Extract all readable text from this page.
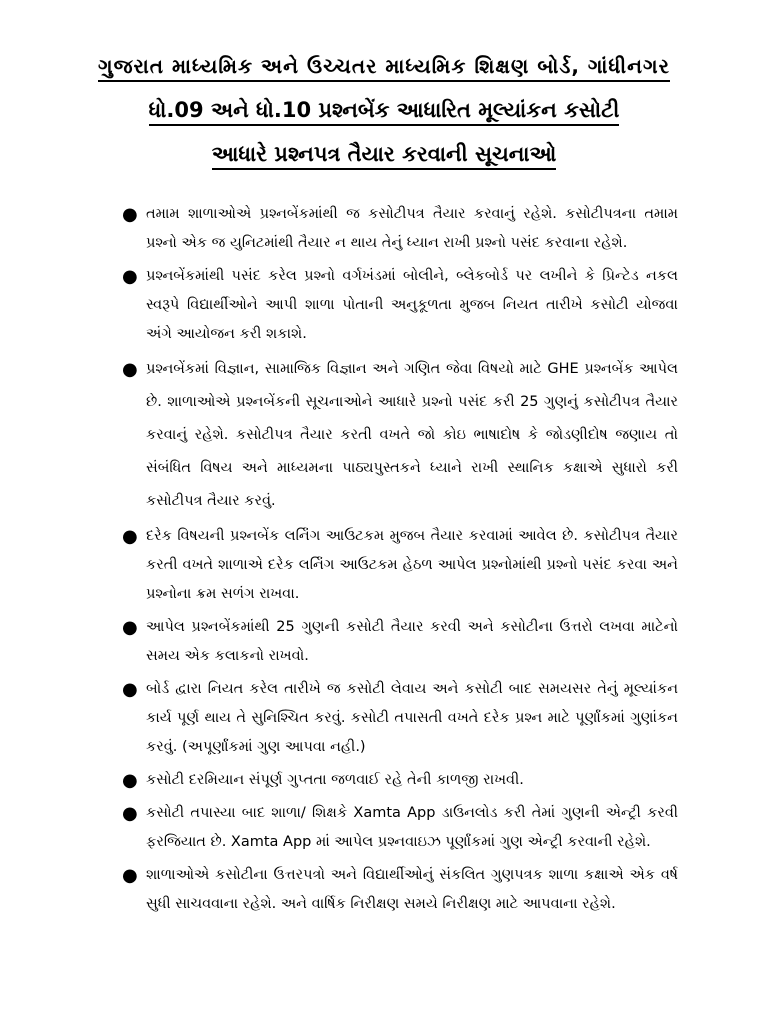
ગુજરાત માધ્યમિક અને ઉચ્ચતર માધ્યમિક શિક્ષણ બોર્ડ, ગાંધીનગર
ધો.09 અને ધો.10 પ્રશ્નબેંક આધારિત મૂલ્યાંકન કસોટી
આધારે પ્રશ્નપત્ર તૈયાર કરવાની સૂચનાઓ
● તમામ શાળાઓએ પ્રશ્નબેંકમાંથી જ કસોટીપત્ર તૈયાર કરવાનું રહેશે. કસોટીપત્રના તમામ પ્રશ્નો એક જ યુનિટમાંથી તૈયાર ન થાય તેનું ધ્યાન રાખી પ્રશ્નો પસંદ કરવાના રહેશે.
● પ્રશ્નબેંકમાંથી પસંદ કરેલ પ્રશ્નો વર્ગખંડમાં બોલીને, બ્લેકબોર્ડ પર લખીને કે પ્રિન્ટેડ નકલ સ્વરૂપે વિદ્યાર્થીઓને આપી શાળા પોતાની અનુકૂળતા મુજબ નિયત તારીખે કસોટી યોજવા અંગે આયોજન કરી શકાશે.
● પ્રશ્નબેંકમાં વિજ્ઞાન, સામાજિક વિજ્ઞાન અને ગણિત જેવા વિષયો માટે GHE પ્રશ્નબેંક આપેલ છે. શાળાઓએ પ્રશ્નબેંકની સૂચનાઓને આધારે પ્રશ્નો પસંદ કરી 25 ગુણનું કસોટીપત્ર તૈયાર કરવાનું રહેશે. કસોટીપત્ર તૈયાર કરતી વખતે જો કોઇ ભાષાદોષ કે જોડણીદોષ જણાય તો સંબંધિત વિષય અને માધ્યમના પાઠ્યપુસ્તકને ધ્યાને રાખી સ્થાનિક કક્ષાએ સુધારો કરી કસોટીપત્ર તૈયાર કરવું.
● દરેક વિષયની પ્રશ્નબેંક લર્નિંગ આઉટકમ મુજબ તૈયાર કરવામાં આવેલ છે. કસોટીપત્ર તૈયાર કરતી વખતે શાળાએ દરેક લર્નિંગ આઉટકમ હેઠળ આપેલ પ્રશ્નોમાંથી પ્રશ્નો પસંદ કરવા અને પ્રશ્નોના ક્રમ સળંગ રાખવા.
● આપેલ પ્રશ્નબેંકમાંથી 25 ગુણની કસોટી તૈયાર કરવી અને કસોટીના ઉત્તરો લખવા માટેનો સમય એક કલાકનો રાખવો.
● બોર્ડ દ્વારા નિયત કરેલ તારીખે જ કસોટી લેવાય અને કસોટી બાદ સમયસર તેનું મૂલ્યાંકન કાર્ય પૂર્ણ થાય તે સુનિશ્ચિત કરવું. કસોટી તપાસતી વખતે દરેક પ્રશ્ન માટે પૂર્ણાંકમાં ગુણાંકન કરવું. (અપૂર્ણાંકમાં ગુણ આપવા નહી.)
● કસોટી દરમિયાન સંપૂર્ણ ગુપ્તતા જળવાઈ રહે તેની કાળજી રાખવી.
● કસોટી તપાસ્યા બાદ શાળા/ શિક્ષકે Xamta App ડાઉનલોડ કરી તેમાં ગુણની એન્ટ્રી કરવી ફરજિયાત છે. Xamta App માં આપેલ પ્રશ્નવાઇઝ પૂર્ણાંકમાં ગુણ એન્ટ્રી કરવાની રહેશે.
● શાળાઓએ કસોટીના ઉત્તરપત્રો અને વિદ્યાર્થીઓનું સંકલિત ગુણપત્રક શાળા કક્ષાએ એક વર્ષ સુધી સાચવવાના રહેશે. અને વાર્ષિક નિરીક્ષણ સમયે નિરીક્ષણ માટે આપવાના રહેશે.
